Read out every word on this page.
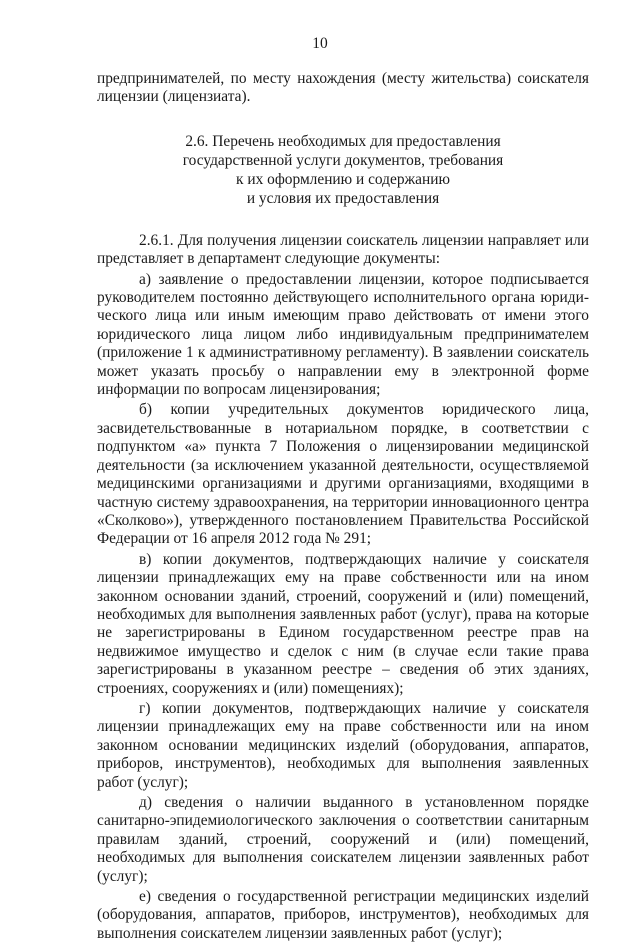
10

предпринимателей, по месту нахождения (месту жительства) соискателя лицензии (лицензиата).

2.6. Перечень необходимых для предоставления
государственной услуги документов, требования
к их оформлению и содержанию
и условия их предоставления

2.6.1. Для получения лицензии соискатель лицензии направляет или представляет в департамент следующие документы:

а) заявление о предоставлении лицензии, которое подписывается руководителем постоянно действующего исполнительного органа юридического лица или иным имеющим право действовать от имени этого юридического лица лицом либо индивидуальным предпринимателем (приложение 1 к административному регламенту). В заявлении соискатель может указать просьбу о направлении ему в электронной форме информации по вопросам лицензирования;

б) копии учредительных документов юридического лица, засвидетельствованные в нотариальном порядке, в соответствии с подпунктом «а» пункта 7 Положения о лицензировании медицинской деятельности (за исключением указанной деятельности, осуществляемой медицинскими организациями и другими организациями, входящими в частную систему здравоохранения, на территории инновационного центра «Сколково»), утвержденного постановлением Правительства Российской Федерации от 16 апреля 2012 года № 291;

в) копии документов, подтверждающих наличие у соискателя лицензии принадлежащих ему на праве собственности или на ином законном основании зданий, строений, сооружений и (или) помещений, необходимых для выполнения заявленных работ (услуг), права на которые не зарегистрированы в Едином государственном реестре прав на недвижимое имущество и сделок с ним (в случае если такие права зарегистрированы в указанном реестре – сведения об этих зданиях, строениях, сооружениях и (или) помещениях);

г) копии документов, подтверждающих наличие у соискателя лицензии принадлежащих ему на праве собственности или на ином законном основании медицинских изделий (оборудования, аппаратов, приборов, инструментов), необходимых для выполнения заявленных работ (услуг);

д) сведения о наличии выданного в установленном порядке санитарно-эпидемиологического заключения о соответствии санитарным правилам зданий, строений, сооружений и (или) помещений, необходимых для выполнения соискателем лицензии заявленных работ (услуг);

е) сведения о государственной регистрации медицинских изделий (оборудования, аппаратов, приборов, инструментов), необходимых для выполнения соискателем лицензии заявленных работ (услуг);
